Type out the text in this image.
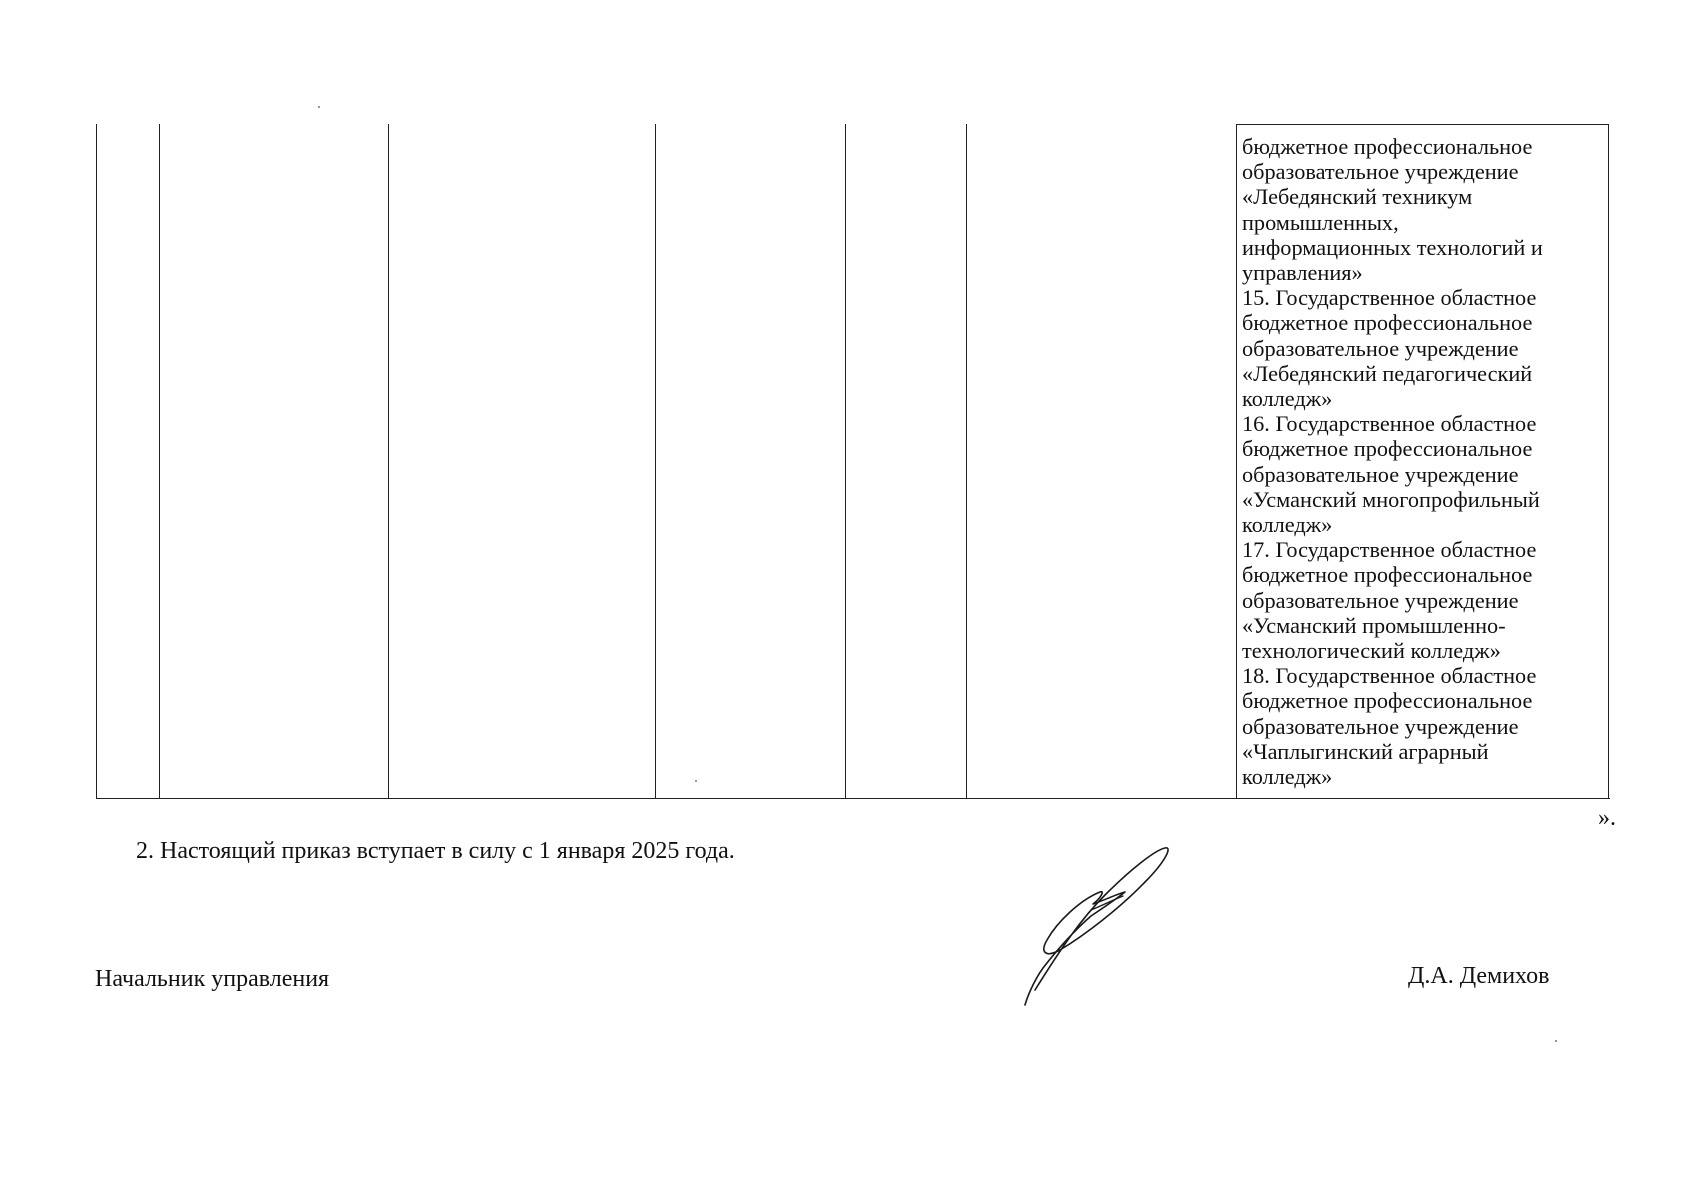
бюджетное профессиональное
образовательное учреждение
«Лебедянский техникум
промышленных,
информационных технологий и
управления»
15. Государственное областное
бюджетное профессиональное
образовательное учреждение
«Лебедянский педагогический
колледж»
16. Государственное областное
бюджетное профессиональное
образовательное учреждение
«Усманский многопрофильный
колледж»
17. Государственное областное
бюджетное профессиональное
образовательное учреждение
«Усманский промышленно-
технологический колледж»
18. Государственное областное
бюджетное профессиональное
образовательное учреждение
«Чаплыгинский аграрный
колледж»
».
2. Настоящий приказ вступает в силу с 1 января 2025 года.
Начальник управления	Д.А. Демихов
